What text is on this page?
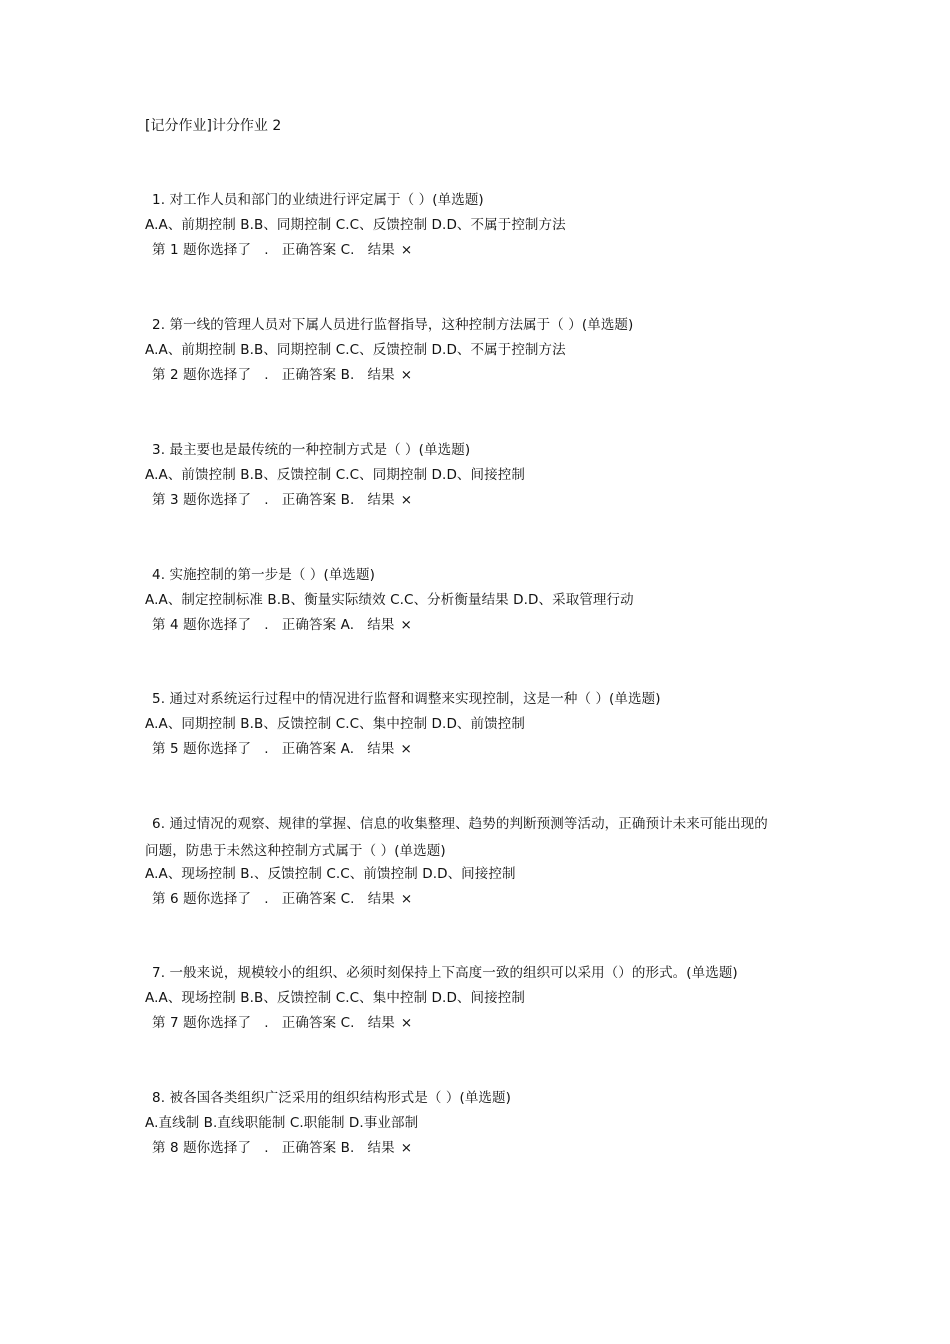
[记分作业]计分作业 2
1. 对工作人员和部门的业绩进行评定属于（ ）(单选题)
A.A、前期控制 B.B、同期控制 C.C、反馈控制 D.D、不属于控制方法
第 1 题你选择了   .   正确答案 C.   结果 ×
2. 第一线的管理人员对下属人员进行监督指导，这种控制方法属于（ ）(单选题)
A.A、前期控制 B.B、同期控制 C.C、反馈控制 D.D、不属于控制方法
第 2 题你选择了   .   正确答案 B.   结果 ×
3. 最主要也是最传统的一种控制方式是（ ）(单选题)
A.A、前馈控制 B.B、反馈控制 C.C、同期控制 D.D、间接控制
第 3 题你选择了   .   正确答案 B.   结果 ×
4. 实施控制的第一步是（ ）(单选题)
A.A、制定控制标准 B.B、衡量实际绩效 C.C、分析衡量结果 D.D、采取管理行动
第 4 题你选择了   .   正确答案 A.   结果 ×
5. 通过对系统运行过程中的情况进行监督和调整来实现控制，这是一种（ ）(单选题)
A.A、同期控制 B.B、反馈控制 C.C、集中控制 D.D、前馈控制
第 5 题你选择了   .   正确答案 A.   结果 ×
6. 通过情况的观察、规律的掌握、信息的收集整理、趋势的判断预测等活动，正确预计未来可能出现的
问题，防患于未然这种控制方式属于（ ）(单选题)
A.A、现场控制 B.、反馈控制 C.C、前馈控制 D.D、间接控制
第 6 题你选择了   .   正确答案 C.   结果 ×
7. 一般来说，规模较小的组织、必须时刻保持上下高度一致的组织可以采用（）的形式。(单选题)
A.A、现场控制 B.B、反馈控制 C.C、集中控制 D.D、间接控制
第 7 题你选择了   .   正确答案 C.   结果 ×
8. 被各国各类组织广泛采用的组织结构形式是（ ）(单选题)
A.直线制 B.直线职能制 C.职能制 D.事业部制
第 8 题你选择了   .   正确答案 B.   结果 ×
